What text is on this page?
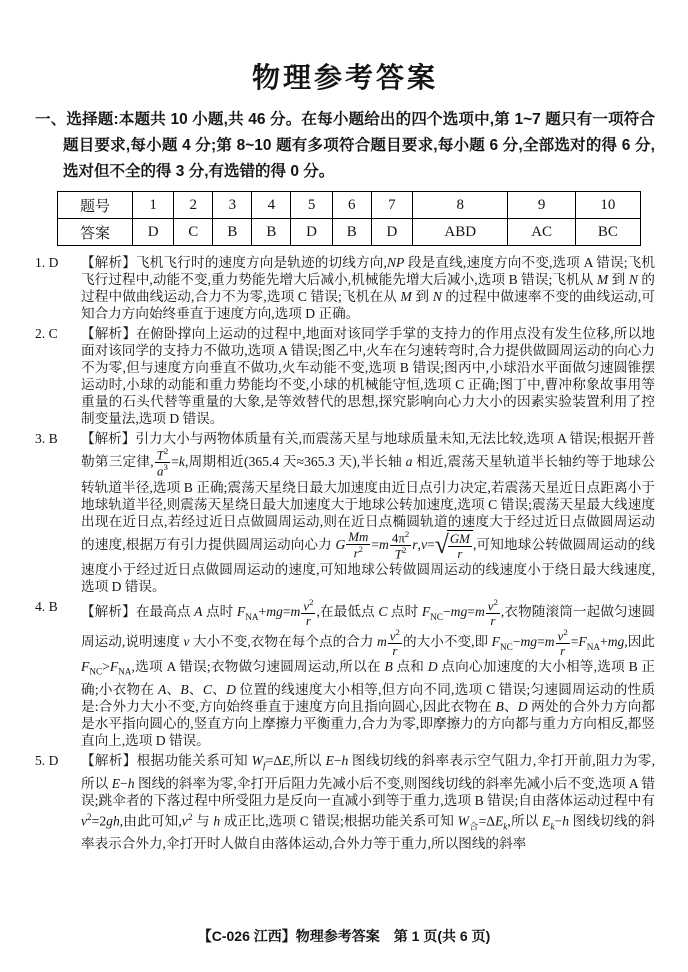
物理参考答案

一、选择题:本题共 10 小题,共 46 分。在每小题给出的四个选项中,第 1~7 题只有一项符合题目要求,每小题 4 分;第 8~10 题有多项符合题目要求,每小题 6 分,全部选对的得 6 分,选对但不全的得 3 分,有选错的得 0 分。

题号	1	2	3	4	5	6	7	8	9	10
答案	D	C	B	B	D	B	D	ABD	AC	BC
1. D	【解析】飞机飞行时的速度方向是轨迹的切线方向,NP 段是直线,速度方向不变,选项 A 错误;飞机飞行过程中,动能不变,重力势能先增大后减小,机械能先增大后减小,选项 B 错误;飞机从 M 到 N 的过程中做曲线运动,合力不为零,选项 C 错误;飞机在从 M 到 N 的过程中做速率不变的曲线运动,可知合力方向始终垂直于速度方向,选项 D 正确。

2. C	【解析】在俯卧撑向上运动的过程中,地面对该同学手掌的支持力的作用点没有发生位移,所以地面对该同学的支持力不做功,选项 A 错误;图乙中,火车在匀速转弯时,合力提供做圆周运动的向心力不为零,但与速度方向垂直不做功,火车动能不变,选项 B 错误;图丙中,小球沿水平面做匀速圆锥摆运动时,小球的动能和重力势能均不变,小球的机械能守恒,选项 C 正确;图丁中,曹冲称象故事用等重量的石头代替等重量的大象,是等效替代的思想,探究影响向心力大小的因素实验装置利用了控制变量法,选项 D 错误。

3. B	【解析】引力大小与两物体质量有关,而震荡天星与地球质量未知,无法比较,选项 A 错误;根据开普勒第三定律, $\frac{T^2}{a^3} =k$,周期相近(365.4 天≈365.3 天),半长轴 a 相近,震荡天星轨道半长轴约等于地球公转轨道半径,选项 B 正确;震荡天星绕日最大加速度由近日点引力决定,若震荡天星近日点距离小于地球轨道半径,则震荡天星绕日最大加速度大于地球公转加速度,选项 C 错误;震荡天星最大线速度出现在近日点,若经过近日点做圆周运动,则在近日点椭圆轨道的速度大于经过近日点做圆周运动的速度,根据万有引力提供圆周运动向心力 G $\frac{Mm}{r^2} =m \frac{4\pi^2}{T^2} r,v=√ \frac{GM}{r}$ ,可知地球公转做圆周运动的线速度小于经过近日点做圆周运动的速度,可知地球公转做圆周运动的线速度小于绕日最大线速度,选项 D 错误。

4. B	【解析】在最高点 A 点时 $F_{NA}+mg=m \frac{v^2}{r}$ ,在最低点 C 点时 $F_{NC}-mg=m \frac{v^2}{r}$ ,衣物随滚筒一起做匀速圆周运动,说明速度 v 大小不变,衣物在每个点的合力 m $\frac{v^2}{r}$ 的大小不变,即 $F_{NC}-mg=m \frac{v^2}{r} =F_{NA}+mg$,因此 $F_{NC}>F_{NA}$,选项 A 错误;衣物做匀速圆周运动,所以在 B 点和 D 点向心加速度的大小相等,选项 B 正确;小衣物在 A、B、C、D 位置的线速度大小相等,但方向不同,选项 C 错误;匀速圆周运动的性质是:合外力大小不变,方向始终垂直于速度方向且指向圆心,因此衣物在 B、D 两处的合外力方向都是水平指向圆心的,竖直方向上摩擦力平衡重力,合力为零,即摩擦力的方向都与重力方向相反,都竖直向上,选项 D 错误。

5. D	【解析】根据功能关系可知 $W_f=\Delta E$,所以 E−h 图线切线的斜率表示空气阻力,伞打开前,阻力为零,所以 E−h 图线的斜率为零,伞打开后阻力先减小后不变,则图线切线的斜率先减小后不变,选项 A 错误;跳伞者的下落过程中所受阻力是反向一直减小到等于重力,选项 B 错误;自由落体运动过程中有 $v^2=2gh$,由此可知$,v^2$ 与 h 成正比,选项 C 错误;根据功能关系可知 $W_合=\Delta E_k$,所以 $E_k-h$ 图线切线的斜率表示合外力,伞打开时人做自由落体运动,合外力等于重力,所以图线的斜率

【C-026 江西】物理参考答案　第 1 页(共 6 页)
